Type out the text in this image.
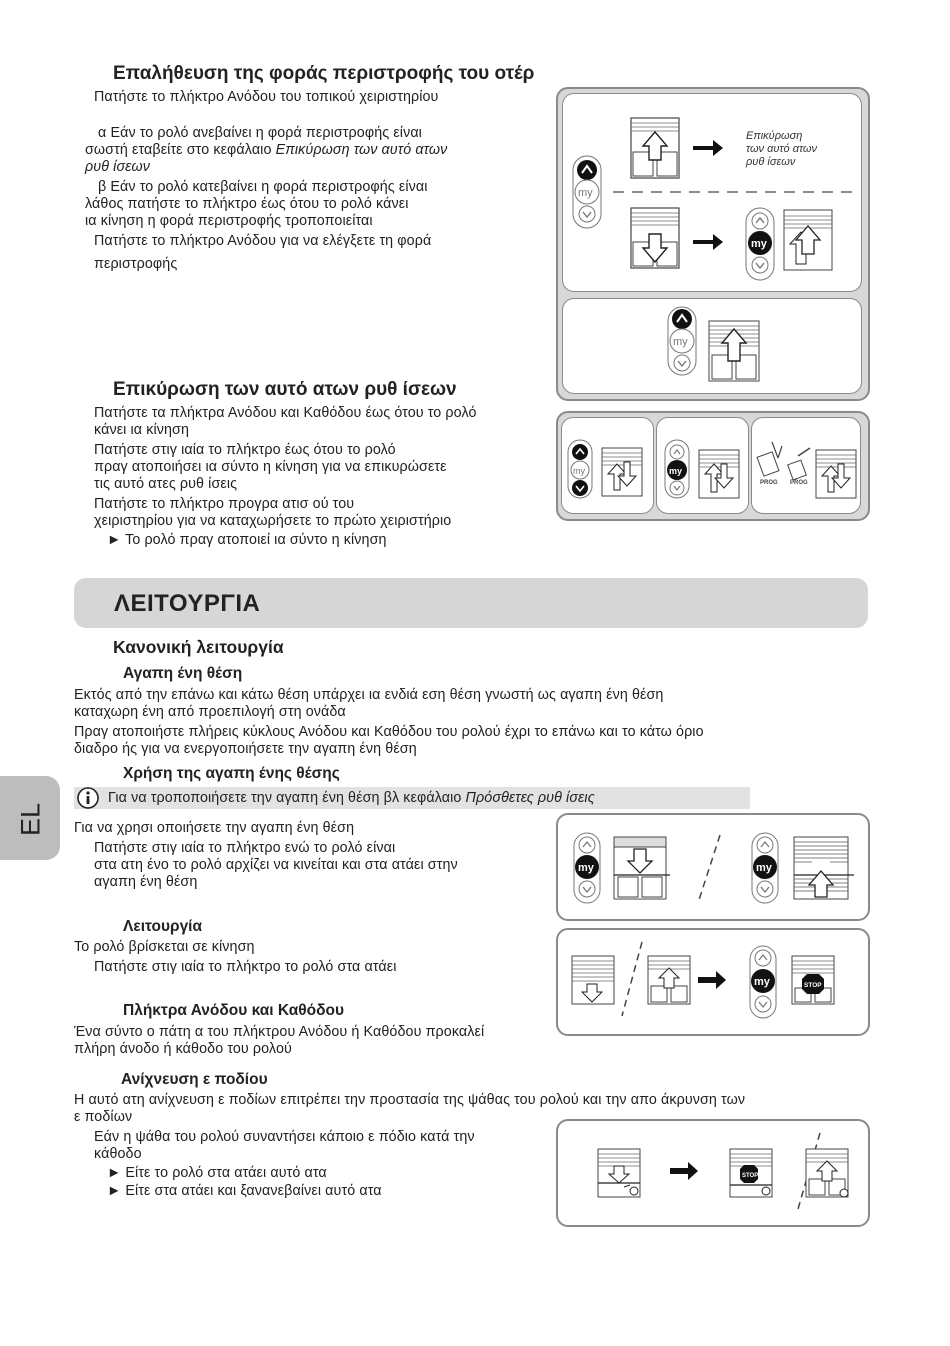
Επαλήθευση της φοράς περιστροφής του οτέρ
Πατήστε το πλήκτρο Ανόδου του τοπικού χειριστηρίου
α Εάν το ρολό ανεβαίνει η φορά περιστροφής είναι
σωστή εταβείτε στο κεφάλαιο Επικύρωση των αυτό ατων
ρυθ ίσεων
β Εάν το ρολό κατεβαίνει η φορά περιστροφής είναι
λάθος πατήστε το πλήκτρο έως ότου το ρολό κάνει
ια κίνηση η φορά περιστροφής τροποποιείται
Πατήστε το πλήκτρο Ανόδου για να ελέγξετε τη φορά
περιστροφής
Επικύρωση
των αυτό ατων
ρυθ ίσεων
my
my
my
Επικύρωση των αυτό ατων ρυθ ίσεων
Πατήστε τα πλήκτρα Ανόδου και Καθόδου έως ότου το ρολό
κάνει ια κίνηση
Πατήστε στιγ ιαία το πλήκτρο έως ότου το ρολό
πραγ ατοποιήσει ια σύντο η κίνηση για να επικυρώσετε
τις αυτό ατες ρυθ ίσεις
Πατήστε το πλήκτρο προγρα ατισ ού του
χειριστηρίου για να καταχωρήσετε το πρώτο χειριστήριο
► Το ρολό πραγ ατοποιεί ια σύντο η κίνηση
my	my
PROG PROG
ΛΕΙΤΟΥΡΓΙΑ
EL
Κανονική λειτουργία
Αγαπη ένη θέση
Εκτός από την επάνω και κάτω θέση υπάρχει ια ενδιά εση θέση γνωστή ως αγαπη ένη θέση
καταχωρη ένη από προεπιλογή στη ονάδα
Πραγ ατοποιήστε πλήρεις κύκλους Ανόδου και Καθόδου του ρολού έχρι το επάνω και το κάτω όριο
διαδρο ής για να ενεργοποιήσετε την αγαπη ένη θέση
Χρήση της αγαπη ένης θέσης
Για να τροποποιήσετε την αγαπη ένη θέση βλ κεφάλαιο Πρόσθετες ρυθ ίσεις
Για να χρησι οποιήσετε την αγαπη ένη θέση
Πατήστε στιγ ιαία το πλήκτρο ενώ το ρολό είναι
στα ατη ένο το ρολό αρχίζει να κινείται και στα ατάει στην
αγαπη ένη θέση
my	my
Λειτουργία
Το ρολό βρίσκεται σε κίνηση
Πατήστε στιγ ιαία το πλήκτρο το ρολό στα ατάει
my	STOP
Πλήκτρα Ανόδου και Καθόδου
Ένα σύντο ο πάτη α του πλήκτρου Ανόδου ή Καθόδου προκαλεί
πλήρη άνοδο ή κάθοδο του ρολού
Ανίχνευση ε ποδίου
Η αυτό ατη ανίχνευση ε ποδίων επιτρέπει την προστασία της ψάθας του ρολού και την απο άκρυνση των
ε ποδίων
Εάν η ψάθα του ρολού συναντήσει κάποιο ε πόδιο κατά την
κάθοδο
► Είτε το ρολό στα ατάει αυτό ατα
► Είτε στα ατάει και ξανανεβαίνει αυτό ατα
STOP
